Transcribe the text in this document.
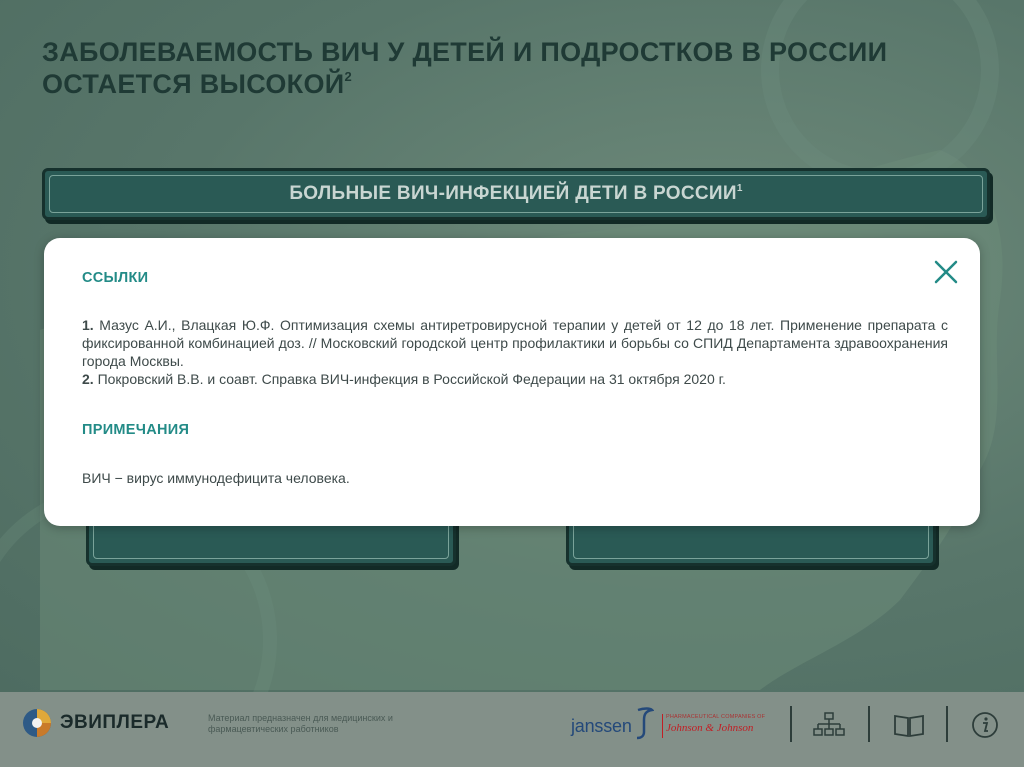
ЗАБОЛЕВАЕМОСТЬ ВИЧ У ДЕТЕЙ И ПОДРОСТКОВ В РОССИИ ОСТАЕТСЯ ВЫСОКОЙ$^2$
БОЛЬНЫЕ ВИЧ-ИНФЕКЦИЕЙ ДЕТИ В РОССИИ$^1$
ССЫЛКИ

1. Мазус А.И., Влацкая Ю.Ф. Оптимизация схемы антиретровирусной терапии у детей от 12 до 18 лет. Применение препарата с фиксированной комбинацией доз. // Московский городской центр профилактики и борьбы со СПИД Департамента здравоохранения города Москвы.

2. Покровский В.В. и соавт. Справка ВИЧ-инфекция в Российской Федерации на 31 октября 2020 г.

ПРИМЕЧАНИЯ
ВИЧ − вирус иммунодефицита человека.
ЭВИПЛЕРА	Материал предназначен для медицинских и фармацевтических работников	janssen	PHARMACEUTICAL COMPANIES OF
Johnson & Johnson
